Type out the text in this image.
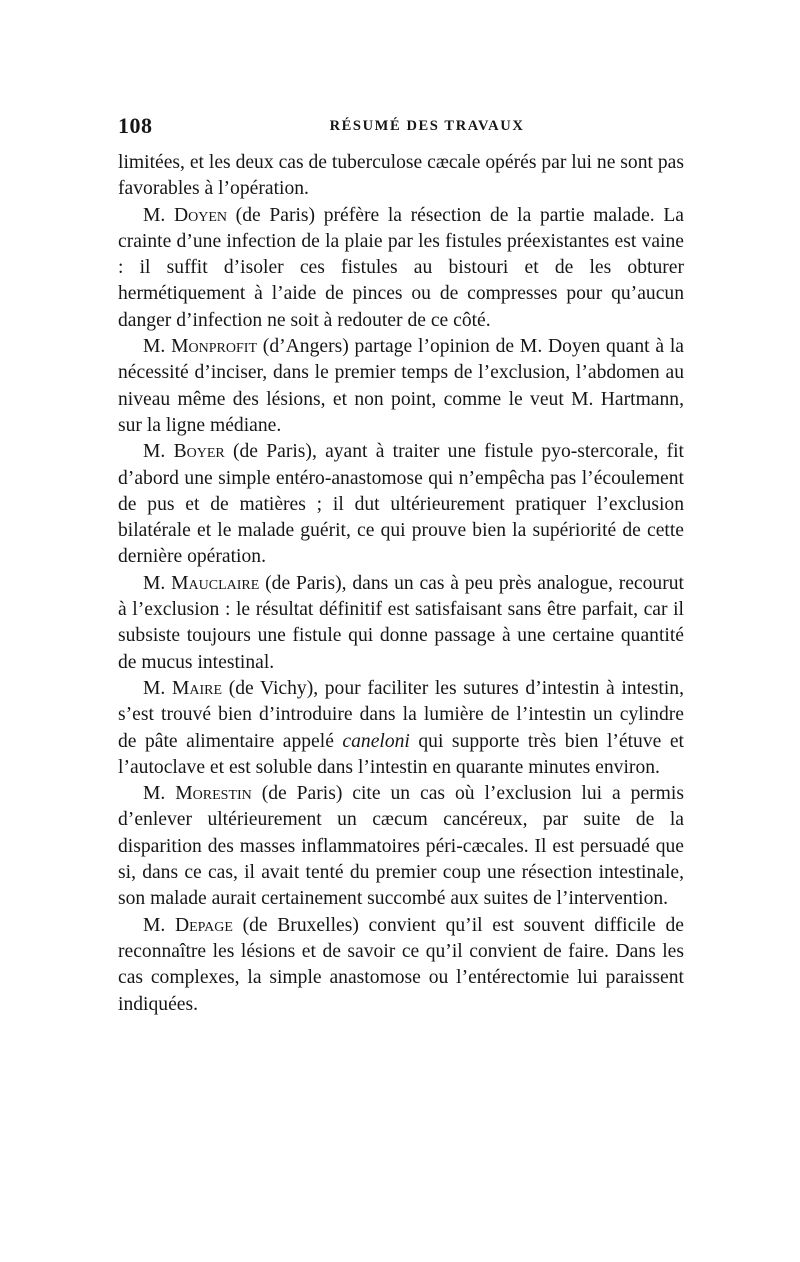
108	RÉSUMÉ DES TRAVAUX

limitées, et les deux cas de tuberculose cæcale opérés par lui ne sont pas favorables à l’opération.

M. Doyen (de Paris) préfère la résection de la partie malade. La crainte d’une infection de la plaie par les fistules préexistantes est vaine : il suffit d’isoler ces fistules au bistouri et de les obturer hermétiquement à l’aide de pinces ou de compresses pour qu’aucun danger d’infection ne soit à redouter de ce côté.

M. Monprofit (d’Angers) partage l’opinion de M. Doyen quant à la nécessité d’inciser, dans le premier temps de l’exclusion, l’abdomen au niveau même des lésions, et non point, comme le veut M. Hartmann, sur la ligne médiane.

M. Boyer (de Paris), ayant à traiter une fistule pyo-stercorale, fit d’abord une simple entéro-anastomose qui n’empêcha pas l’écoulement de pus et de matières ; il dut ultérieurement pratiquer l’exclusion bilatérale et le malade guérit, ce qui prouve bien la supériorité de cette dernière opération.

M. Mauclaire (de Paris), dans un cas à peu près analogue, recourut à l’exclusion : le résultat définitif est satisfaisant sans être parfait, car il subsiste toujours une fistule qui donne passage à une certaine quantité de mucus intestinal.

M. Maire (de Vichy), pour faciliter les sutures d’intestin à intestin, s’est trouvé bien d’introduire dans la lumière de l’intestin un cylindre de pâte alimentaire appelé caneloni qui supporte très bien l’étuve et l’autoclave et est soluble dans l’intestin en quarante minutes environ.

M. Morestin (de Paris) cite un cas où l’exclusion lui a permis d’enlever ultérieurement un cæcum cancéreux, par suite de la disparition des masses inflammatoires péri-cæcales. Il est persuadé que si, dans ce cas, il avait tenté du premier coup une résection intestinale, son malade aurait certainement succombé aux suites de l’intervention.

M. Depage (de Bruxelles) convient qu’il est souvent difficile de reconnaître les lésions et de savoir ce qu’il convient de faire. Dans les cas complexes, la simple anastomose ou l’entérectomie lui paraissent indiquées.
